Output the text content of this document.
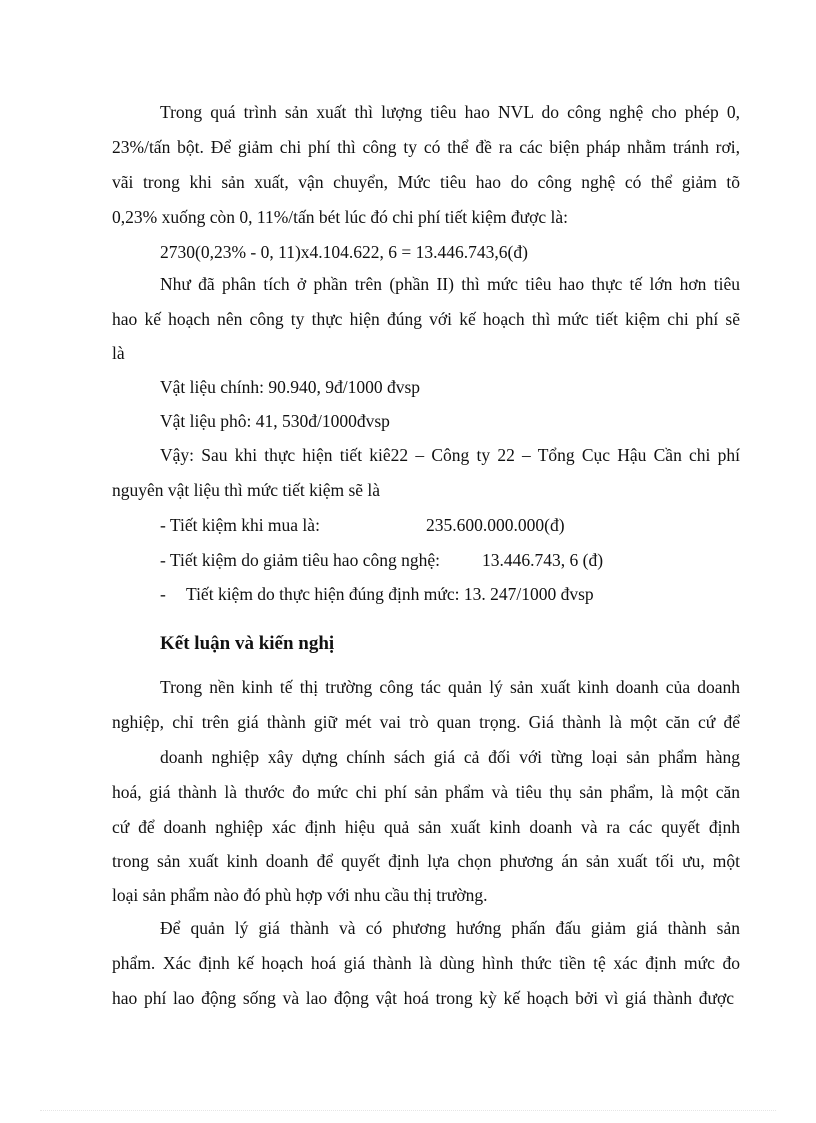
Trong quá trình sản xuất thì lượng tiêu hao NVL do công nghệ cho phép 0,

23%/tấn bột. Để giảm chi phí thì công ty có thể đề ra các biện pháp nhằm tránh rơi,

vãi trong khi sản xuất, vận chuyển, Mức tiêu hao do công nghệ có thể giảm tõ

0,23% xuống còn 0, 11%/tấn bét lúc đó chi phí tiết kiệm được là:

2730(0,23% - 0, 11)x4.104.622, 6 = 13.446.743,6(đ)

Như đã phân tích ở phần trên (phần II) thì mức tiêu hao thực tế lớn hơn tiêu

hao kế hoạch nên công ty thực hiện đúng với kế hoạch thì mức tiết kiệm chi phí sẽ

là

Vật liệu chính: 90.940, 9đ/1000 đvsp

Vật liệu phô: 41, 530đ/1000đvsp

Vậy: Sau khi thực hiện tiết kiê22 – Công ty 22 – Tổng Cục Hậu Cần chi phí

nguyên vật liệu thì mức tiết kiệm sẽ là

- Tiết kiệm khi mua là:	235.600.000.000(đ)

- Tiết kiệm do giảm tiêu hao công nghệ: 13.446.743, 6 (đ)

- Tiết kiệm do thực hiện đúng định mức: 13. 247/1000 đvsp

Kết luận và kiến nghị

Trong nền kinh tế thị trường công tác quản lý sản xuất kinh doanh của doanh

nghiệp, chỉ trên giá thành giữ mét vai trò quan trọng. Giá thành là một căn cứ để

doanh nghiệp xây dựng chính sách giá cả đối với từng loại sản phẩm hàng

hoá, giá thành là thước đo mức chi phí sản phẩm và tiêu thụ sản phẩm, là một căn

cứ để doanh nghiệp xác định hiệu quả sản xuất kinh doanh và ra các quyết định

trong sản xuất kinh doanh để quyết định lựa chọn phương án sản xuất tối ưu, một

loại sản phẩm nào đó phù hợp với nhu cầu thị trường.

Để quản lý giá thành và có phương hướng phấn đấu giảm giá thành sản

phẩm. Xác định kế hoạch hoá giá thành là dùng hình thức tiền tệ xác định mức đo

hao phí lao động sống và lao động vật hoá trong kỳ kế hoạch bởi vì giá thành được
